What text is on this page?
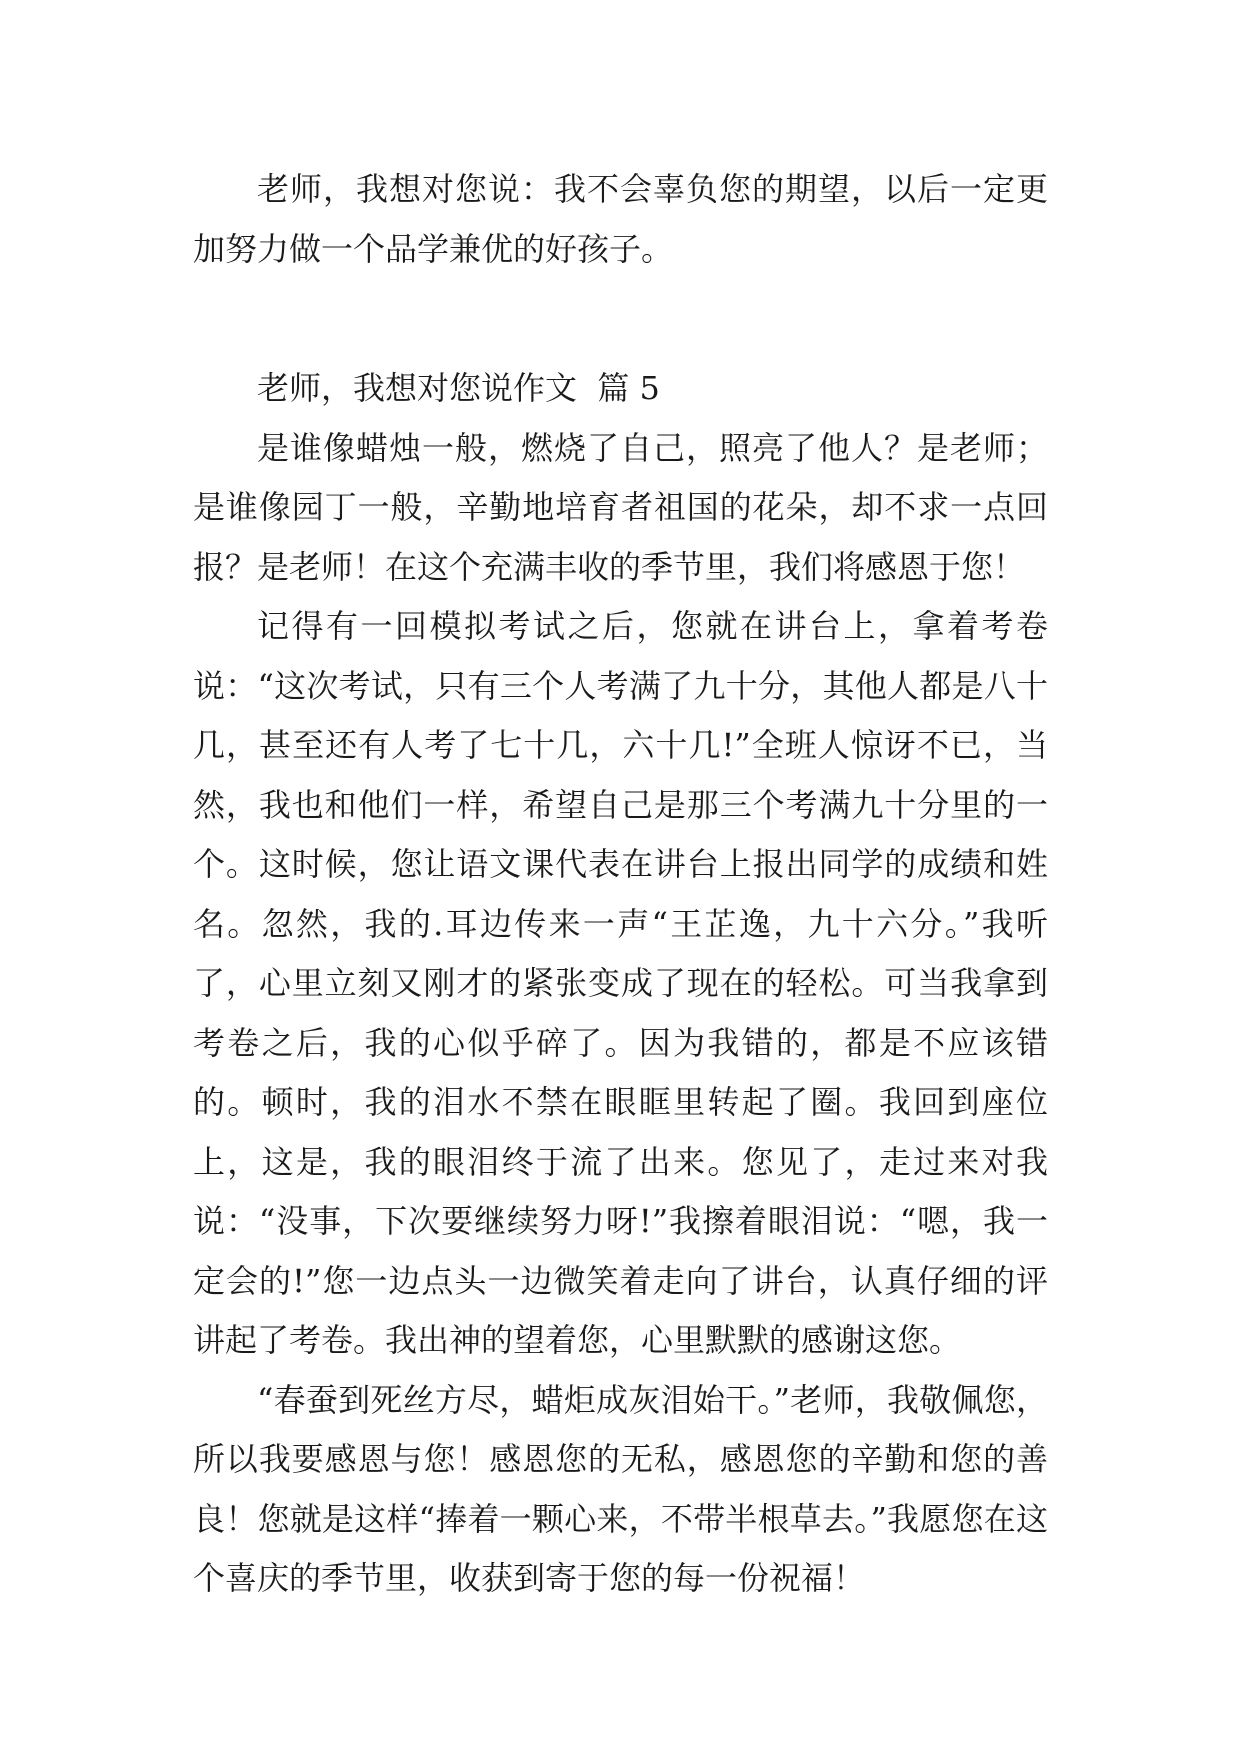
老师，我想对您说：我不会辜负您的期望，以后一定更加努力做一个品学兼优的好孩子。

老师，我想对您说作文  篇 5

是谁像蜡烛一般，燃烧了自己，照亮了他人？是老师；是谁像园丁一般，辛勤地培育者祖国的花朵，却不求一点回报？是老师！在这个充满丰收的季节里，我们将感恩于您！

记得有一回模拟考试之后，您就在讲台上，拿着考卷说：“这次考试，只有三个人考满了九十分，其他人都是八十几，甚至还有人考了七十几，六十几!”全班人惊讶不已，当然，我也和他们一样，希望自己是那三个考满九十分里的一个。这时候，您让语文课代表在讲台上报出同学的成绩和姓名。忽然，我的.耳边传来一声“王芷逸，九十六分。”我听了，心里立刻又刚才的紧张变成了现在的轻松。可当我拿到考卷之后，我的心似乎碎了。因为我错的，都是不应该错的。顿时，我的泪水不禁在眼眶里转起了圈。我回到座位上，这是，我的眼泪终于流了出来。您见了，走过来对我说：“没事，下次要继续努力呀!”我擦着眼泪说：“嗯，我一定会的!”您一边点头一边微笑着走向了讲台，认真仔细的评讲起了考卷。我出神的望着您，心里默默的感谢这您。

“春蚕到死丝方尽，蜡炬成灰泪始干。”老师，我敬佩您，所以我要感恩与您！感恩您的无私，感恩您的辛勤和您的善良！您就是这样“捧着一颗心来，不带半根草去。”我愿您在这个喜庆的季节里，收获到寄于您的每一份祝福！
